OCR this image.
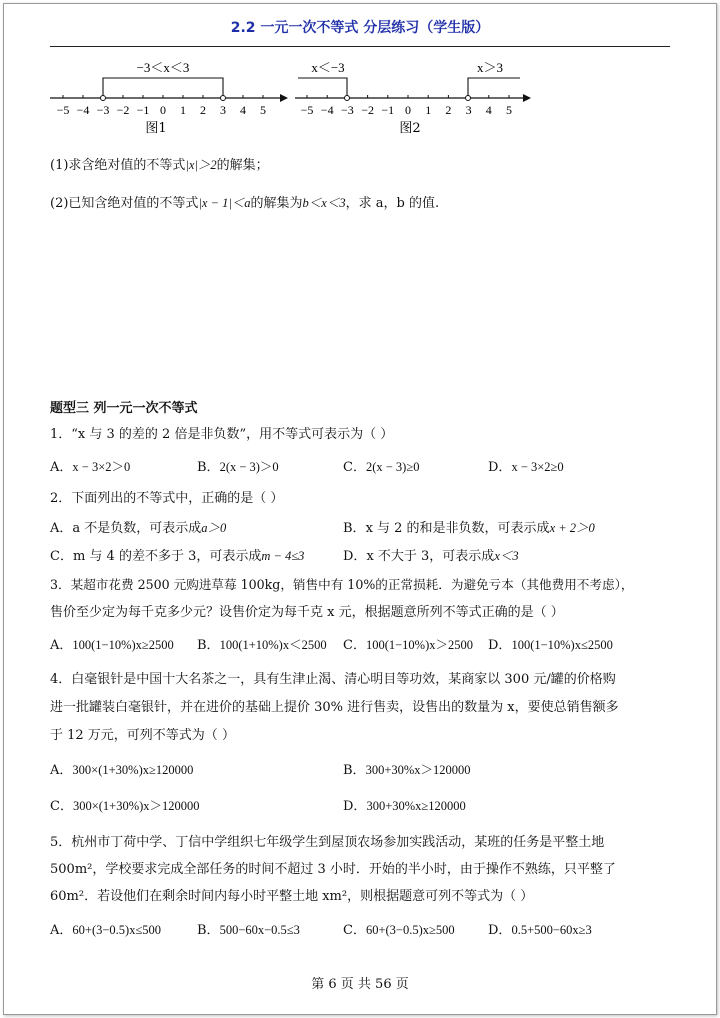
2.2 一元一次不等式 分层练习（学生版）
−5 −4 −3 −2 −1 0 1 2 3 4 5
−3＜x＜3
图1
−5 −4 −3 −2 −1 0 1 2 3 4 5
x＜−3	x＞3
图2
(1)求含绝对值的不等式|x|＞2的解集；
(2)已知含绝对值的不等式|x − 1|＜a的解集为b＜x＜3，求 a，b 的值.
题型三 列一元一次不等式
1．“x 与 3 的差的 2 倍是非负数”，用不等式可表示为（ ）
A．x − 3×2＞0	B．2(x − 3)＞0	C．2(x − 3)≥0	D．x − 3×2≥0
2．下面列出的不等式中，正确的是（ ）
A．a 不是负数，可表示成a＞0	B．x 与 2 的和是非负数，可表示成x + 2＞0
C．m 与 4 的差不多于 3，可表示成m − 4≤3	D．x 不大于 3，可表示成x＜3
3．某超市花费 2500 元购进草莓 100kg，销售中有 10%的正常损耗．为避免亏本（其他费用不考虑），
售价至少定为每千克多少元？设售价定为每千克 x 元，根据题意所列不等式正确的是（ ）
A．100(1−10%)x≥2500 B．100(1+10%)x＜2500 C．100(1−10%)x＞2500 D．100(1−10%)x≤2500
4．白毫银针是中国十大名茶之一，具有生津止渴、清心明目等功效，某商家以 300 元/罐的价格购
进一批罐装白毫银针，并在进价的基础上提价 30% 进行售卖，设售出的数量为 x，要使总销售额多
于 12 万元，可列不等式为（ ）
A．300×(1+30%)x≥120000	B．300+30%x＞120000
C．300×(1+30%)x＞120000	D．300+30%x≥120000
5．杭州市丁荷中学、丁信中学组织七年级学生到屋顶农场参加实践活动，某班的任务是平整土地
500m²，学校要求完成全部任务的时间不超过 3 小时．开始的半小时，由于操作不熟练，只平整了
60m²．若设他们在剩余时间内每小时平整土地 xm²，则根据题意可列不等式为（ ）
A．60+(3−0.5)x≤500	B．500−60x−0.5≤3	C．60+(3−0.5)x≥500	D．0.5+500−60x≥3
第 6 页 共 56 页
